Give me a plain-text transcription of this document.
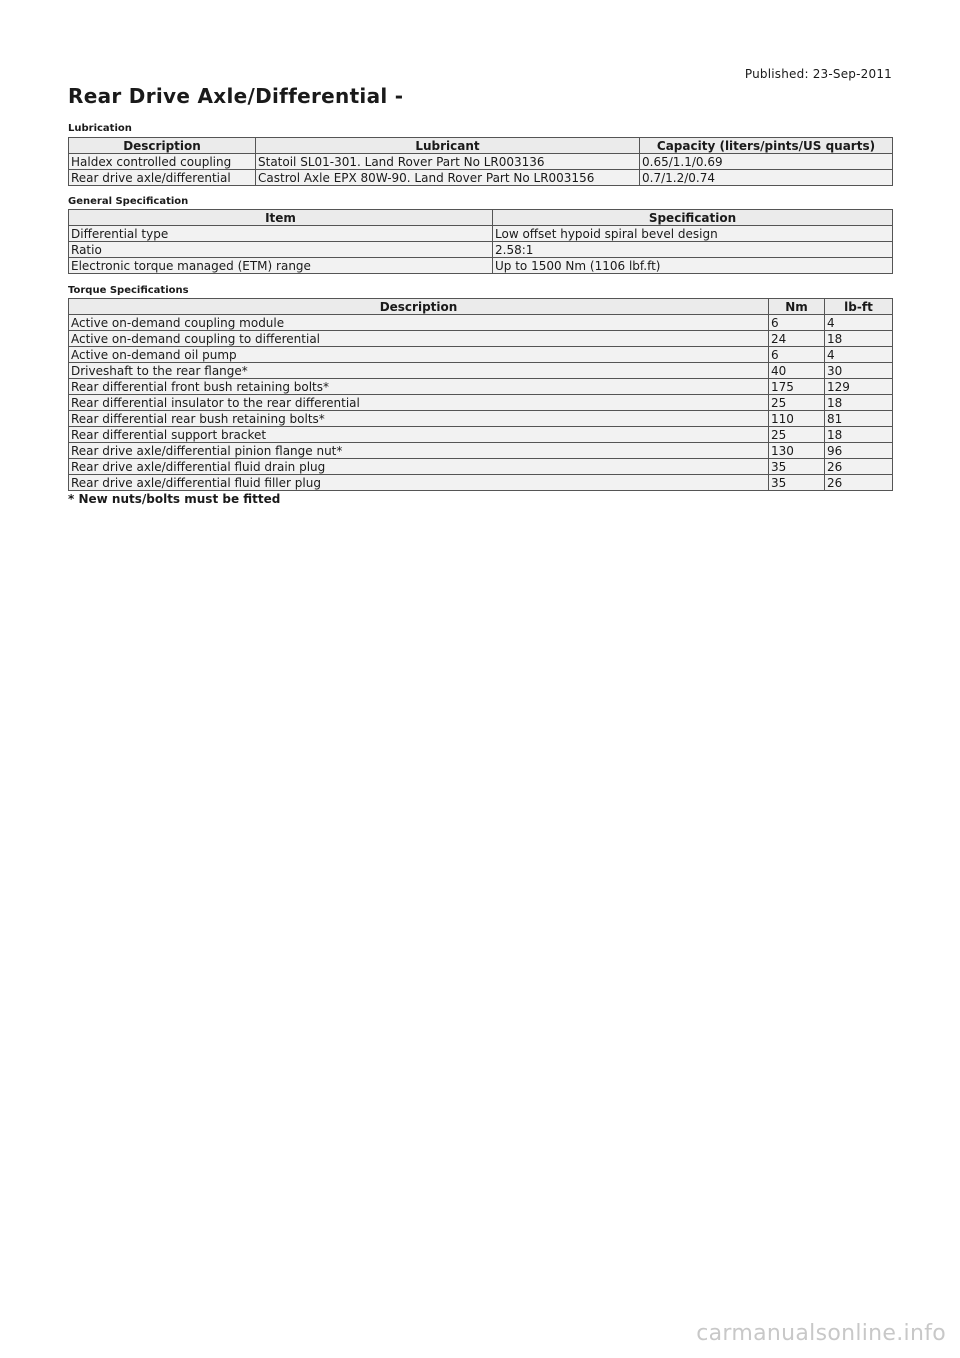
Published: 23-Sep-2011
Rear Drive Axle/Differential -
Lubrication
Description	Lubricant	Capacity (liters/pints/US quarts)
Haldex controlled coupling	Statoil SL01-301. Land Rover Part No LR003136	0.65/1.1/0.69
Rear drive axle/differential	Castrol Axle EPX 80W-90. Land Rover Part No LR003156	0.7/1.2/0.74
General Specification
Item	Specification
Differential type	Low offset hypoid spiral bevel design
Ratio	2.58:1
Electronic torque managed (ETM) range	Up to 1500 Nm (1106 lbf.ft)
Torque Specifications
Description	Nm	lb-ft
Active on-demand coupling module	6	4
Active on-demand coupling to differential	24	18
Active on-demand oil pump	6	4
Driveshaft to the rear flange*	40	30
Rear differential front bush retaining bolts*	175	129
Rear differential insulator to the rear differential	25	18
Rear differential rear bush retaining bolts*	110	81
Rear differential support bracket	25	18
Rear drive axle/differential pinion flange nut*	130	96
Rear drive axle/differential fluid drain plug	35	26
Rear drive axle/differential fluid filler plug	35	26
* New nuts/bolts must be fitted
carmanualsonline.info
